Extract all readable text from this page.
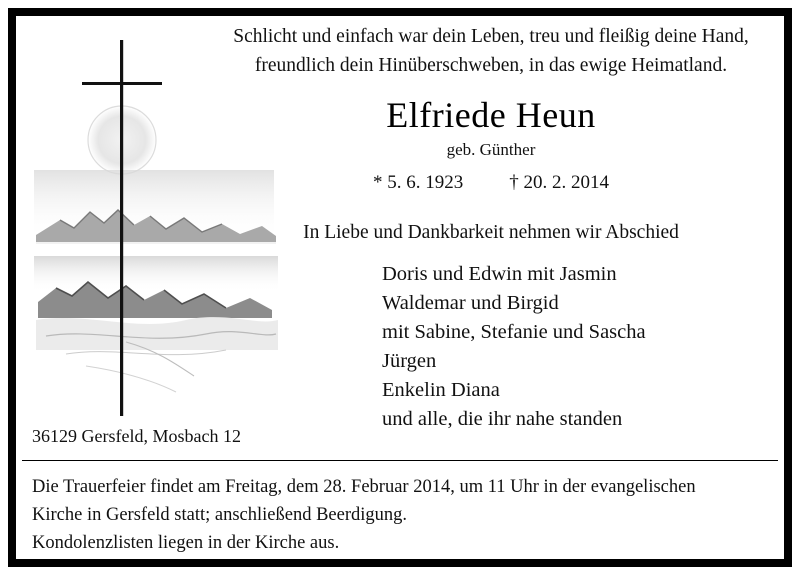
Schlicht und einfach war dein Leben, treu und fleißig deine Hand,
freundlich dein Hinüberschweben, in das ewige Heimatland.
Elfriede Heun
geb. Günther
* 5. 6. 1923 † 20. 2. 2014
In Liebe und Dankbarkeit nehmen wir Abschied
Doris und Edwin mit Jasmin
Waldemar und Birgid
mit Sabine, Stefanie und Sascha
Jürgen
Enkelin Diana
und alle, die ihr nahe standen
36129 Gersfeld, Mosbach 12

Die Trauerfeier findet am Freitag, dem 28. Februar 2014, um 11 Uhr in der evangelischen

Kirche in Gersfeld statt; anschließend Beerdigung.

Kondolenzlisten liegen in der Kirche aus.
